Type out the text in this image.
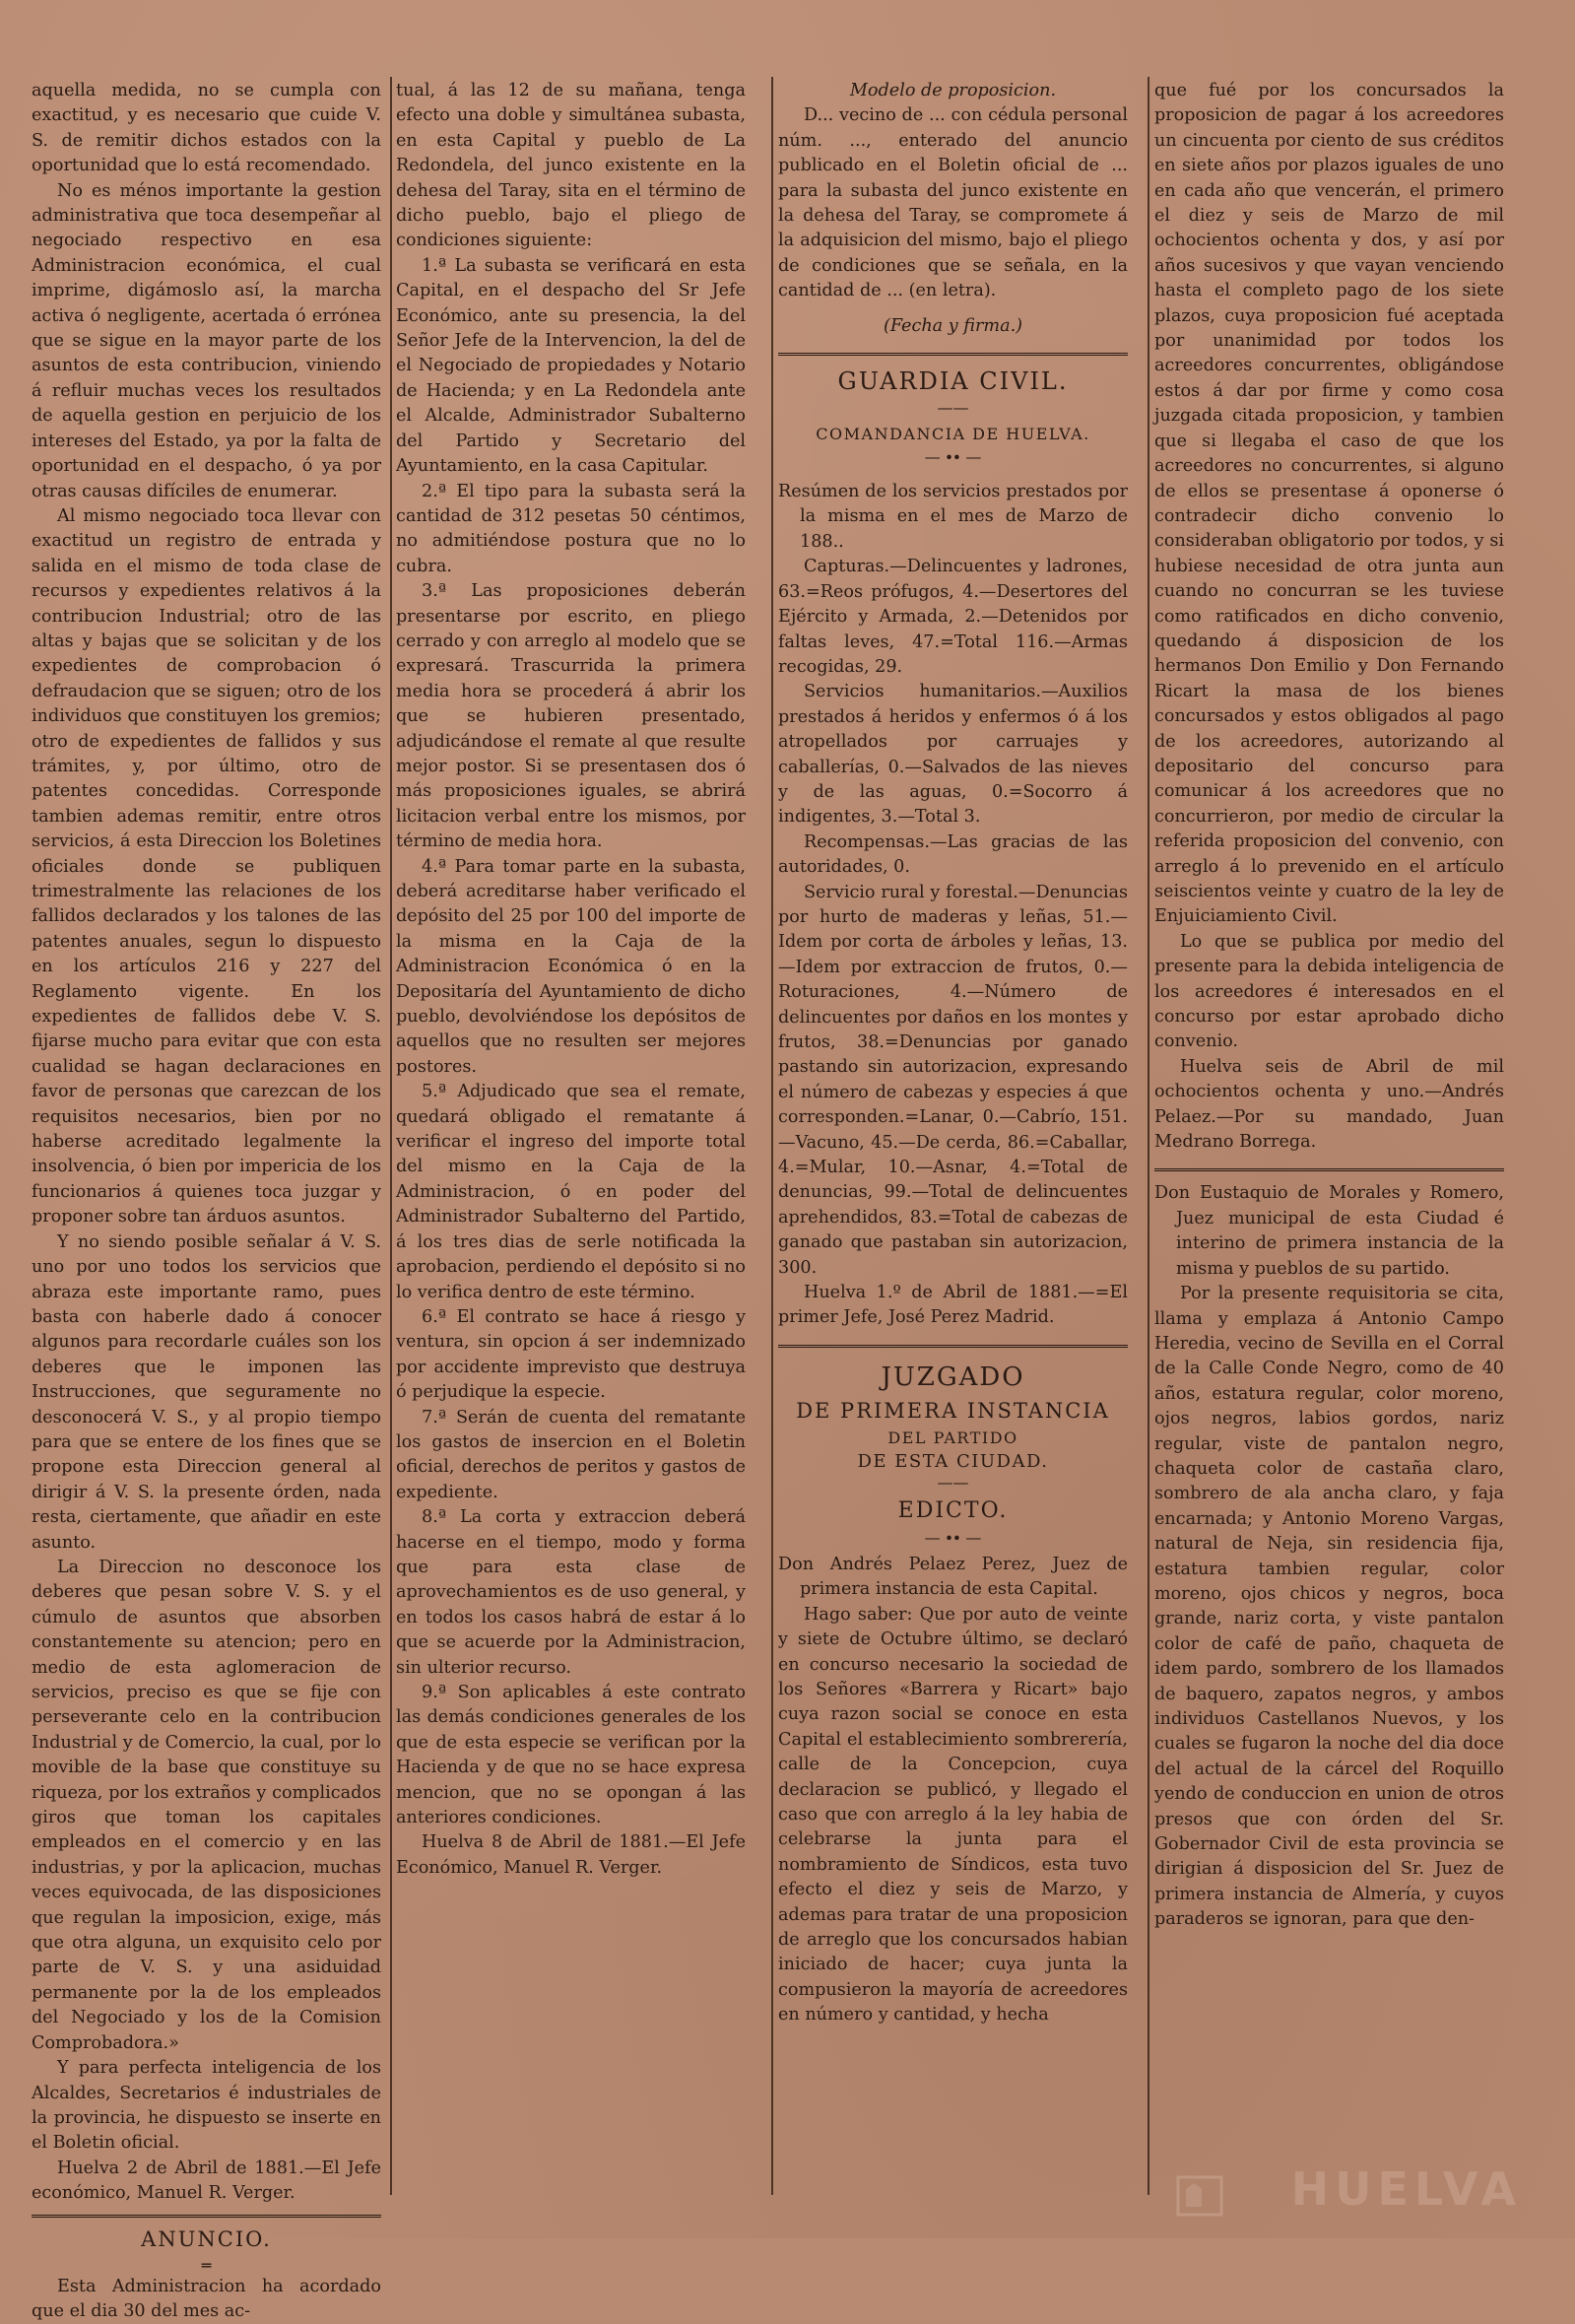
aquella medida, no se cumpla con exactitud, y es necesario que cuide V. S. de remitir dichos estados con la oportunidad que lo está recomendado.

No es ménos importante la gestion administrativa que toca desempeñar al negociado respectivo en esa Administracion económica, el cual imprime, digámoslo así, la marcha activa ó negligente, acertada ó errónea que se sigue en la mayor parte de los asuntos de esta contribucion, viniendo á refluir muchas veces los resultados de aquella gestion en perjuicio de los intereses del Estado, ya por la falta de oportunidad en el despacho, ó ya por otras causas difíciles de enumerar.

Al mismo negociado toca llevar con exactitud un registro de entrada y salida en el mismo de toda clase de recursos y expedientes relativos á la contribucion Industrial; otro de las altas y bajas que se solicitan y de los expedientes de comprobacion ó defraudacion que se siguen; otro de los individuos que constituyen los gremios; otro de expedientes de fallidos y sus trámites, y, por último, otro de patentes concedidas. Corresponde tambien ademas remitir, entre otros servicios, á esta Direccion los Boletines oficiales donde se publiquen trimestralmente las relaciones de los fallidos declarados y los talones de las patentes anuales, segun lo dispuesto en los artículos 216 y 227 del Reglamento vigente. En los expedientes de fallidos debe V. S. fijarse mucho para evitar que con esta cualidad se hagan declaraciones en favor de personas que carezcan de los requisitos necesarios, bien por no haberse acreditado legalmente la insolvencia, ó bien por impericia de los funcionarios á quienes toca juzgar y proponer sobre tan árduos asuntos.

Y no siendo posible señalar á V. S. uno por uno todos los servicios que abraza este importante ramo, pues basta con haberle dado á conocer algunos para recordarle cuáles son los deberes que le imponen las Instrucciones, que seguramente no desconocerá V. S., y al propio tiempo para que se entere de los fines que se propone esta Direccion general al dirigir á V. S. la presente órden, nada resta, ciertamente, que añadir en este asunto.

La Direccion no desconoce los deberes que pesan sobre V. S. y el cúmulo de asuntos que absorben constantemente su atencion; pero en medio de esta aglomeracion de servicios, preciso es que se fije con perseverante celo en la contribucion Industrial y de Comercio, la cual, por lo movible de la base que constituye su riqueza, por los extraños y complicados giros que toman los capitales empleados en el comercio y en las industrias, y por la aplicacion, muchas veces equivocada, de las disposiciones que regulan la imposicion, exige, más que otra alguna, un exquisito celo por parte de V. S. y una asiduidad permanente por la de los empleados del Negociado y los de la Comision Comprobadora.»

Y para perfecta inteligencia de los Alcaldes, Secretarios é industriales de la provincia, he dispuesto se inserte en el Boletin oficial.

Huelva 2 de Abril de 1881.—El Jefe económico, Manuel R. Verger.

ANUNCIO.
═

Esta Administracion ha acordado que el dia 30 del mes ac-

tual, á las 12 de su mañana, tenga efecto una doble y simultánea subasta, en esta Capital y pueblo de La Redondela, del junco existente en la dehesa del Taray, sita en el término de dicho pueblo, bajo el pliego de condiciones siguiente:

1.ª La subasta se verificará en esta Capital, en el despacho del Sr Jefe Económico, ante su presencia, la del Señor Jefe de la Intervencion, la del de el Negociado de propiedades y Notario de Hacienda; y en La Redondela ante el Alcalde, Administrador Subalterno del Partido y Secretario del Ayuntamiento, en la casa Capitular.

2.ª El tipo para la subasta será la cantidad de 312 pesetas 50 céntimos, no admitiéndose postura que no lo cubra.

3.ª Las proposiciones deberán presentarse por escrito, en pliego cerrado y con arreglo al modelo que se expresará. Trascurrida la primera media hora se procederá á abrir los que se hubieren presentado, adjudicándose el remate al que resulte mejor postor. Si se presentasen dos ó más proposiciones iguales, se abrirá licitacion verbal entre los mismos, por término de media hora.

4.ª Para tomar parte en la subasta, deberá acreditarse haber verificado el depósito del 25 por 100 del importe de la misma en la Caja de la Administracion Económica ó en la Depositaría del Ayuntamiento de dicho pueblo, devolviéndose los depósitos de aquellos que no resulten ser mejores postores.

5.ª Adjudicado que sea el remate, quedará obligado el rematante á verificar el ingreso del importe total del mismo en la Caja de la Administracion, ó en poder del Administrador Subalterno del Partido, á los tres dias de serle notificada la aprobacion, perdiendo el depósito si no lo verifica dentro de este término.

6.ª El contrato se hace á riesgo y ventura, sin opcion á ser indemnizado por accidente imprevisto que destruya ó perjudique la especie.

7.ª Serán de cuenta del rematante los gastos de insercion en el Boletin oficial, derechos de peritos y gastos de expediente.

8.ª La corta y extraccion deberá hacerse en el tiempo, modo y forma que para esta clase de aprovechamientos es de uso general, y en todos los casos habrá de estar á lo que se acuerde por la Administracion, sin ulterior recurso.

9.ª Son aplicables á este contrato las demás condiciones generales de los que de esta especie se verifican por la Hacienda y de que no se hace expresa mencion, que no se opongan á las anteriores condiciones.

Huelva 8 de Abril de 1881.—El Jefe Económico, Manuel R. Verger.

Modelo de proposicion.

D... vecino de ... con cédula personal núm. ..., enterado del anuncio publicado en el Boletin oficial de ... para la subasta del junco existente en la dehesa del Taray, se compromete á la adquisicion del mismo, bajo el pliego de condiciones que se señala, en la cantidad de ... (en letra).

(Fecha y firma.)

GUARDIA CIVIL.
——
COMANDANCIA DE HUELVA.
— ∙∙ —

Resúmen de los servicios prestados por la misma en el mes de Marzo de 188..

Capturas.—Delincuentes y ladrones, 63.=Reos prófugos, 4.—Desertores del Ejército y Armada, 2.—Detenidos por faltas leves, 47.=Total 116.—Armas recogidas, 29.

Servicios humanitarios.—Auxilios prestados á heridos y enfermos ó á los atropellados por carruajes y caballerías, 0.—Salvados de las nieves y de las aguas, 0.=Socorro á indigentes, 3.—Total 3.

Recompensas.—Las gracias de las autoridades, 0.

Servicio rural y forestal.—Denuncias por hurto de maderas y leñas, 51.—Idem por corta de árboles y leñas, 13.—Idem por extraccion de frutos, 0.—Roturaciones, 4.—Número de delincuentes por daños en los montes y frutos, 38.=Denuncias por ganado pastando sin autorizacion, expresando el número de cabezas y especies á que corresponden.=Lanar, 0.—Cabrío, 151.—Vacuno, 45.—De cerda, 86.=Caballar, 4.=Mular, 10.—Asnar, 4.=Total de denuncias, 99.—Total de delincuentes aprehendidos, 83.=Total de cabezas de ganado que pastaban sin autorizacion, 300.

Huelva 1.º de Abril de 1881.—=El primer Jefe, José Perez Madrid.

JUZGADO
DE PRIMERA INSTANCIA
DEL PARTIDO
DE ESTA CIUDAD.
——
EDICTO.
— ∙∙ —

Don Andrés Pelaez Perez, Juez de primera instancia de esta Capital.

Hago saber: Que por auto de veinte y siete de Octubre último, se declaró en concurso necesario la sociedad de los Señores «Barrera y Ricart» bajo cuya razon social se conoce en esta Capital el establecimiento sombrerería, calle de la Concepcion, cuya declaracion se publicó, y llegado el caso que con arreglo á la ley habia de celebrarse la junta para el nombramiento de Síndicos, esta tuvo efecto el diez y seis de Marzo, y ademas para tratar de una proposicion de arreglo que los concursados habian iniciado de hacer; cuya junta la compusieron la mayoría de acreedores en número y cantidad, y hecha

que fué por los concursados la proposicion de pagar á los acreedores un cincuenta por ciento de sus créditos en siete años por plazos iguales de uno en cada año que vencerán, el primero el diez y seis de Marzo de mil ochocientos ochenta y dos, y así por años sucesivos y que vayan venciendo hasta el completo pago de los siete plazos, cuya proposicion fué aceptada por unanimidad por todos los acreedores concurrentes, obligándose estos á dar por firme y como cosa juzgada citada proposicion, y tambien que si llegaba el caso de que los acreedores no concurrentes, si alguno de ellos se presentase á oponerse ó contradecir dicho convenio lo consideraban obligatorio por todos, y si hubiese necesidad de otra junta aun cuando no concurran se les tuviese como ratificados en dicho convenio, quedando á disposicion de los hermanos Don Emilio y Don Fernando Ricart la masa de los bienes concursados y estos obligados al pago de los acreedores, autorizando al depositario del concurso para comunicar á los acreedores que no concurrieron, por medio de circular la referida proposicion del convenio, con arreglo á lo prevenido en el artículo seiscientos veinte y cuatro de la ley de Enjuiciamiento Civil.

Lo que se publica por medio del presente para la debida inteligencia de los acreedores é interesados en el concurso por estar aprobado dicho convenio.

Huelva seis de Abril de mil ochocientos ochenta y uno.—Andrés Pelaez.—Por su mandado, Juan Medrano Borrega.

Don Eustaquio de Morales y Romero, Juez municipal de esta Ciudad é interino de primera instancia de la misma y pueblos de su partido.

Por la presente requisitoria se cita, llama y emplaza á Antonio Campo Heredia, vecino de Sevilla en el Corral de la Calle Conde Negro, como de 40 años, estatura regular, color moreno, ojos negros, labios gordos, nariz regular, viste de pantalon negro, chaqueta color de castaña claro, sombrero de ala ancha claro, y faja encarnada; y Antonio Moreno Vargas, natural de Neja, sin residencia fija, estatura tambien regular, color moreno, ojos chicos y negros, boca grande, nariz corta, y viste pantalon color de café de paño, chaqueta de idem pardo, sombrero de los llamados de baquero, zapatos negros, y ambos individuos Castellanos Nuevos, y los cuales se fugaron la noche del dia doce del actual de la cárcel del Roquillo yendo de conduccion en union de otros presos que con órden del Sr. Gobernador Civil de esta provincia se dirigian á disposicion del Sr. Juez de primera instancia de Almería, y cuyos paraderos se ignoran, para que den-

HUELVA
